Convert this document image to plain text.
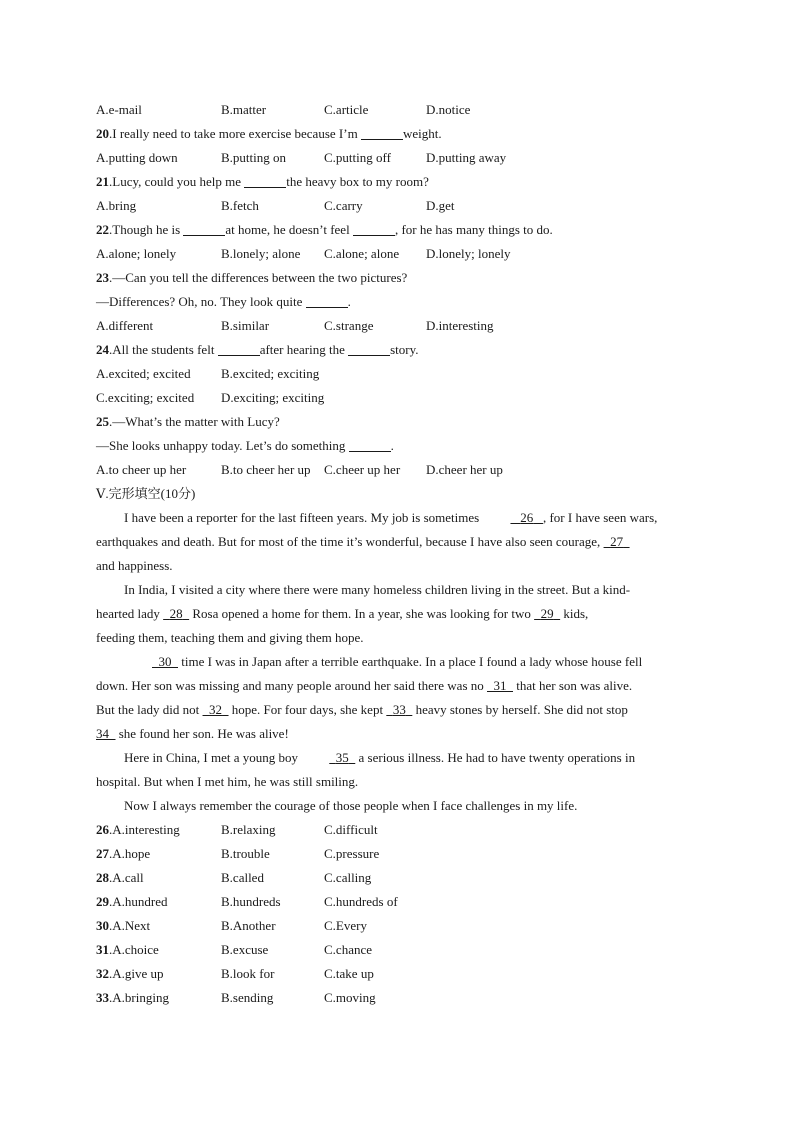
A.e-mail	B.matter	C.article	D.notice
20.I really need to take more exercise because I’m	weight.
A.putting down	B.putting on	C.putting off	D.putting away
21.Lucy, could you help me	the heavy box to my room?
A.bring	B.fetch	C.carry	D.get
22.Though he is	at home, he doesn’t feel	, for he has many things to do.
A.alone; lonely	B.lonely; alone	C.alone; alone	D.lonely; lonely
23.—Can you tell the differences between the two pictures?
—Differences? Oh, no. They look quite	.
A.different	B.similar	C.strange	D.interesting
24.All the students felt	after hearing the	story.
A.excited; excited	B.excited; exciting
C.exciting; excited	D.exciting; exciting
25.—What’s the matter with Lucy?
—She looks unhappy today. Let’s do something	.
A.to cheer up her	B.to cheer her up	C.cheer up her	D.cheer her up
Ⅴ.完形填空(10分)
I have been a reporter for the last fifteen years. My job is sometimes	26 , for I have seen wars,
earthquakes and death. But for most of the time it’s wonderful, because I have also seen courage,   27
and happiness.
In India, I visited a city where there were many homeless children living in the street. But a kind-
hearted lady   28   Rosa opened a home for them. In a year, she was looking for two   29   kids,
feeding them, teaching them and giving them hope.
30   time I was in Japan after a terrible earthquake. In a place I found a lady whose house fell
down. Her son was missing and many people around her said there was no   31   that her son was alive.
But the lady did not   32   hope. For four days, she kept   33   heavy stones by herself. She did not stop
34   she found her son. He was alive!
Here in China, I met a young boy	35   a serious illness. He had to have twenty operations in
hospital. But when I met him, he was still smiling.
Now I always remember the courage of those people when I face challenges in my life.
26.A.interesting	B.relaxing	C.difficult
27.A.hope	B.trouble	C.pressure
28.A.call	B.called	C.calling
29.A.hundred	B.hundreds	C.hundreds of
30.A.Next	B.Another	C.Every
31.A.choice	B.excuse	C.chance
32.A.give up	B.look for	C.take up
33.A.bringing	B.sending	C.moving
